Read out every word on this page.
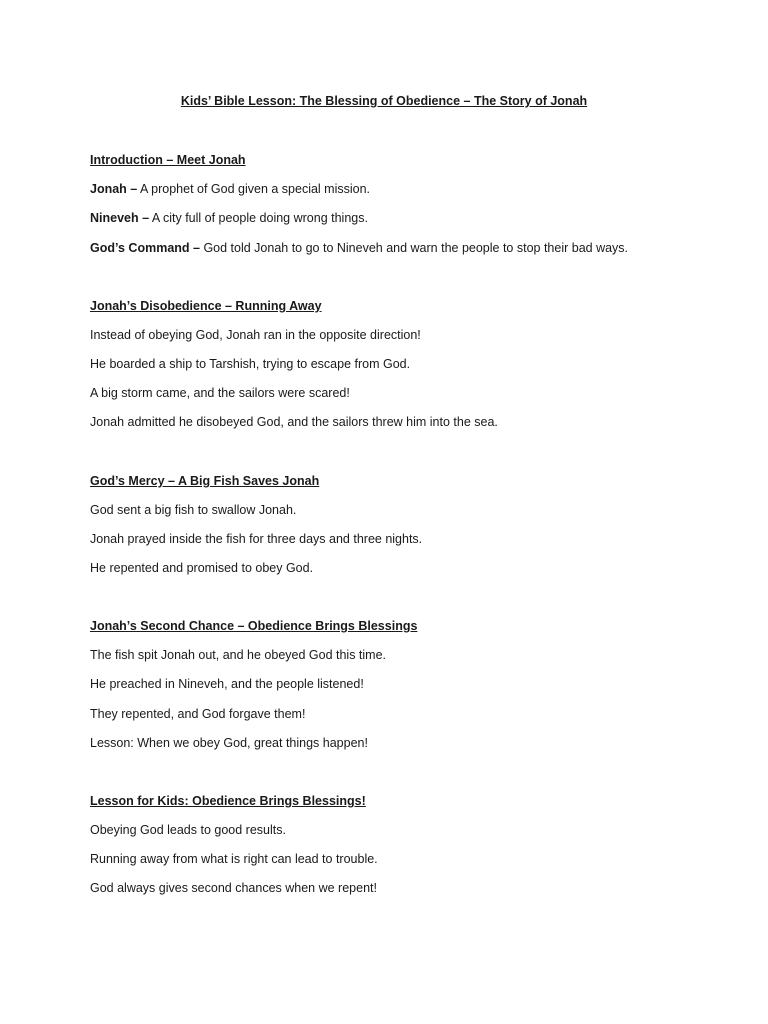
Kids’ Bible Lesson: The Blessing of Obedience – The Story of Jonah
Introduction – Meet Jonah
Jonah – A prophet of God given a special mission.
Nineveh – A city full of people doing wrong things.
God’s Command – God told Jonah to go to Nineveh and warn the people to stop their bad ways.
Jonah’s Disobedience – Running Away
Instead of obeying God, Jonah ran in the opposite direction!
He boarded a ship to Tarshish, trying to escape from God.
A big storm came, and the sailors were scared!
Jonah admitted he disobeyed God, and the sailors threw him into the sea.
God’s Mercy – A Big Fish Saves Jonah
God sent a big fish to swallow Jonah.
Jonah prayed inside the fish for three days and three nights.
He repented and promised to obey God.
Jonah’s Second Chance – Obedience Brings Blessings
The fish spit Jonah out, and he obeyed God this time.
He preached in Nineveh, and the people listened!
They repented, and God forgave them!
Lesson: When we obey God, great things happen!
Lesson for Kids: Obedience Brings Blessings!
Obeying God leads to good results.
Running away from what is right can lead to trouble.
God always gives second chances when we repent!
